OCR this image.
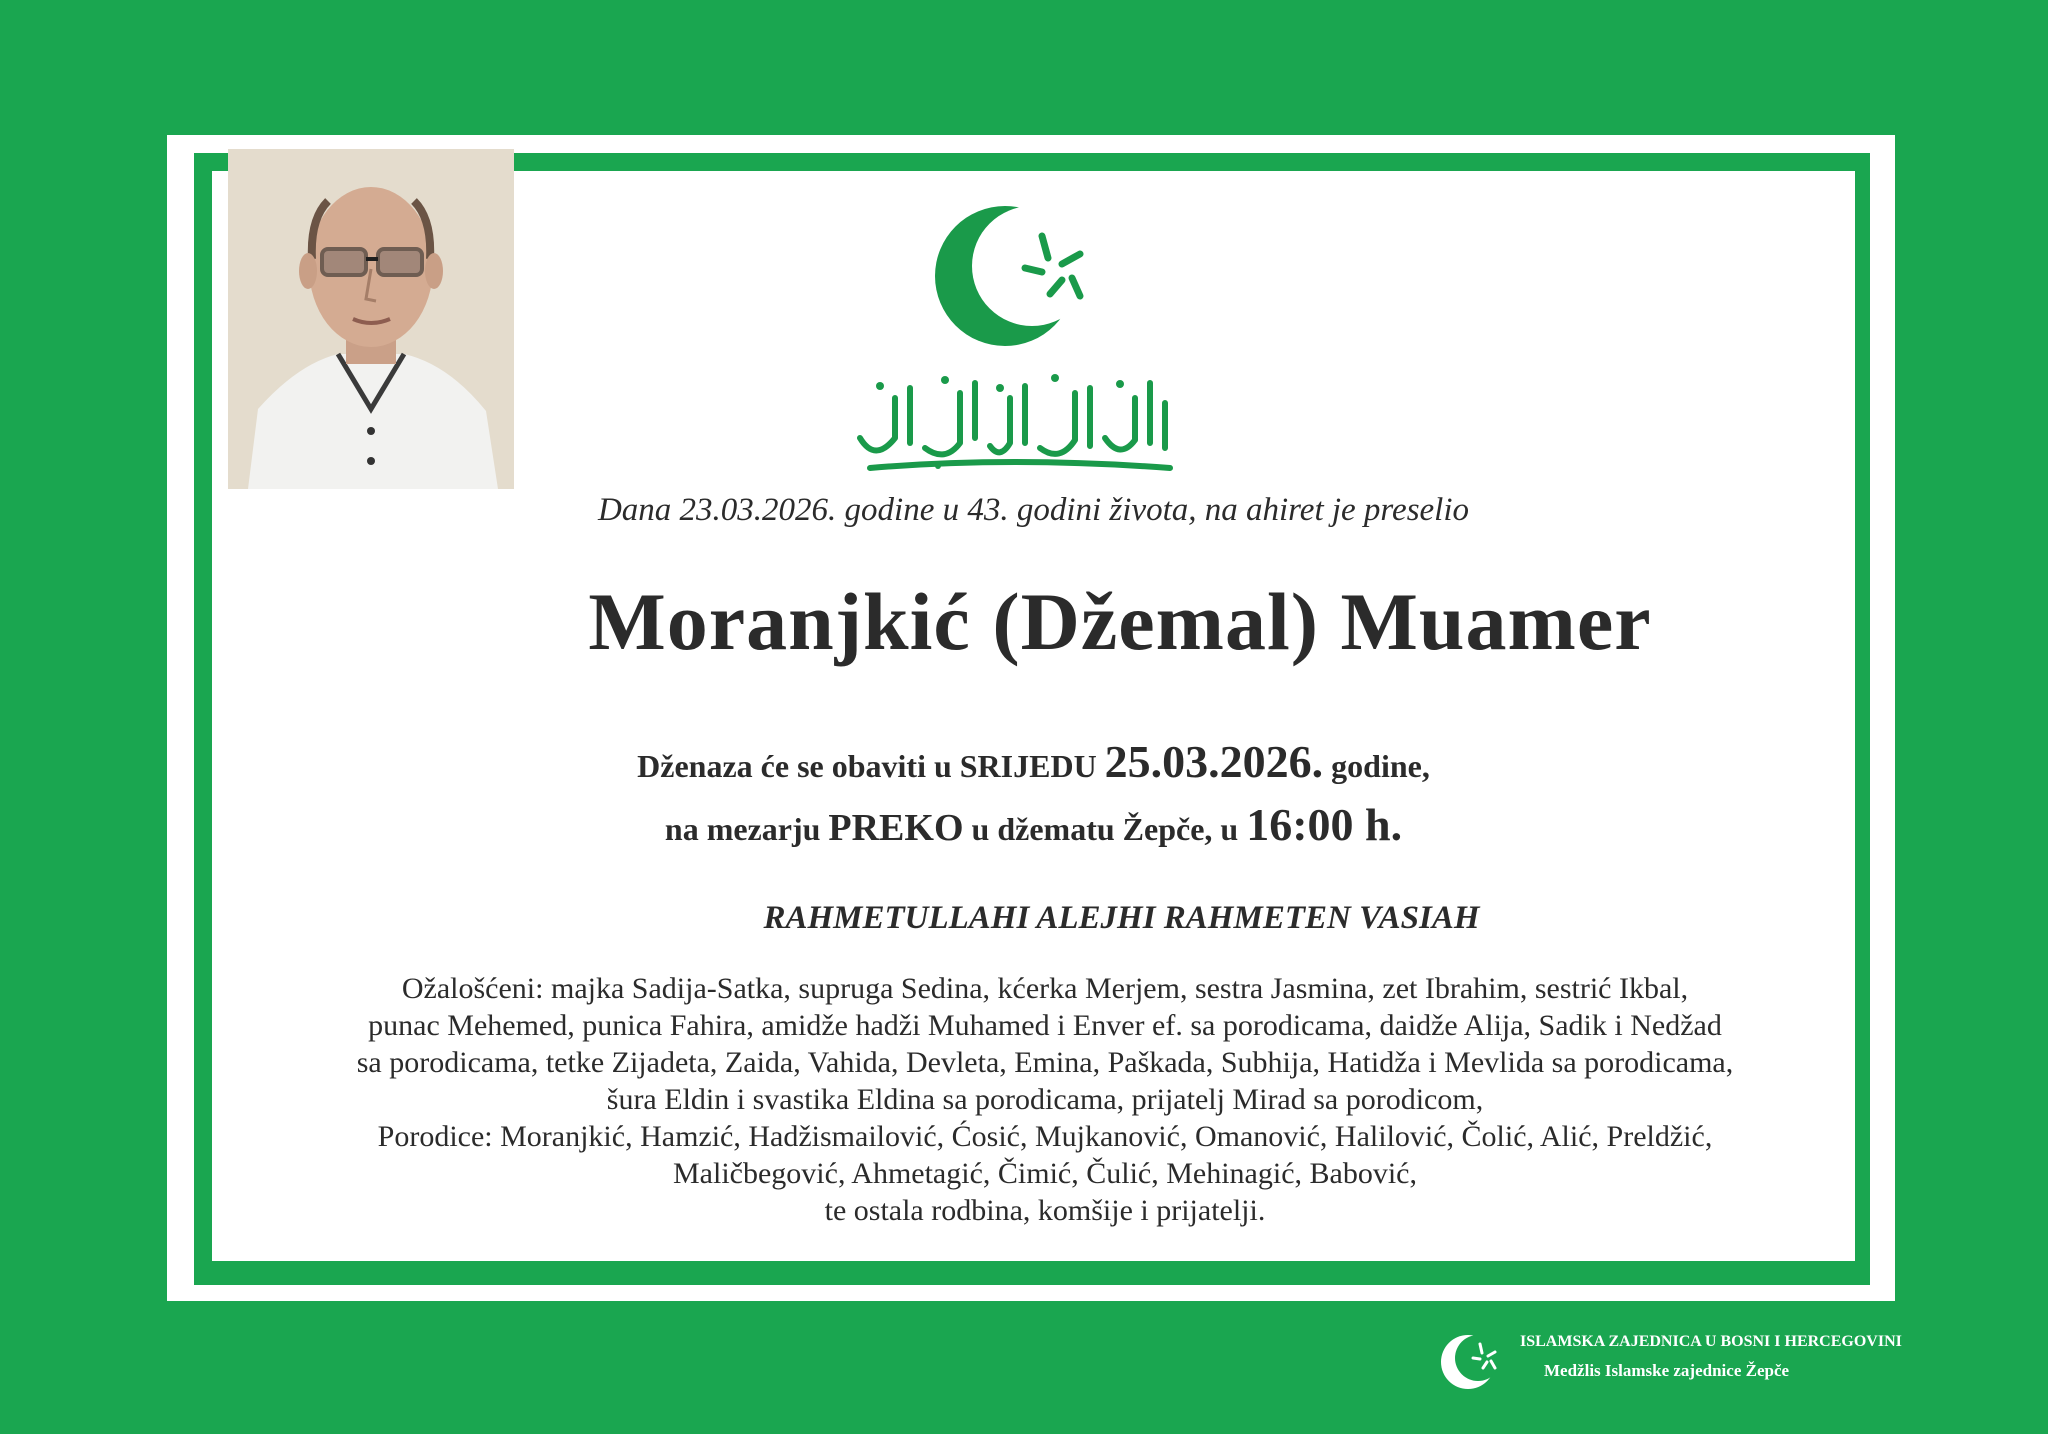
Dana 23.03.2026. godine u 43. godini života, na ahiret je preselio
Moranjkić (Džemal) Muamer
Dženaza će se obaviti u SRIJEDU 25.03.2026. godine,
na mezarju PREKO u džematu Žepče, u 16:00 h.
RAHMETULLAHI ALEJHI RAHMETEN VASIAH
Ožalošćeni: majka Sadija-Satka, supruga Sedina, kćerka Merjem, sestra Jasmina, zet Ibrahim, sestrić Ikbal,
punac Mehemed, punica Fahira, amidže hadži Muhamed i Enver ef. sa porodicama, daidže Alija, Sadik i Nedžad
sa porodicama, tetke Zijadeta, Zaida, Vahida, Devleta, Emina, Paškada, Subhija, Hatidža i Mevlida sa porodicama,
šura Eldin i svastika Eldina sa porodicama, prijatelj Mirad sa porodicom,
Porodice: Moranjkić, Hamzić, Hadžismailović, Ćosić, Mujkanović, Omanović, Halilović, Čolić, Alić, Preldžić,
Maličbegović, Ahmetagić, Čimić, Čulić, Mehinagić, Babović,
te ostala rodbina, komšije i prijatelji.
ISLAMSKA ZAJEDNICA U BOSNI I HERCEGOVINI
Medžlis Islamske zajednice Žepče
